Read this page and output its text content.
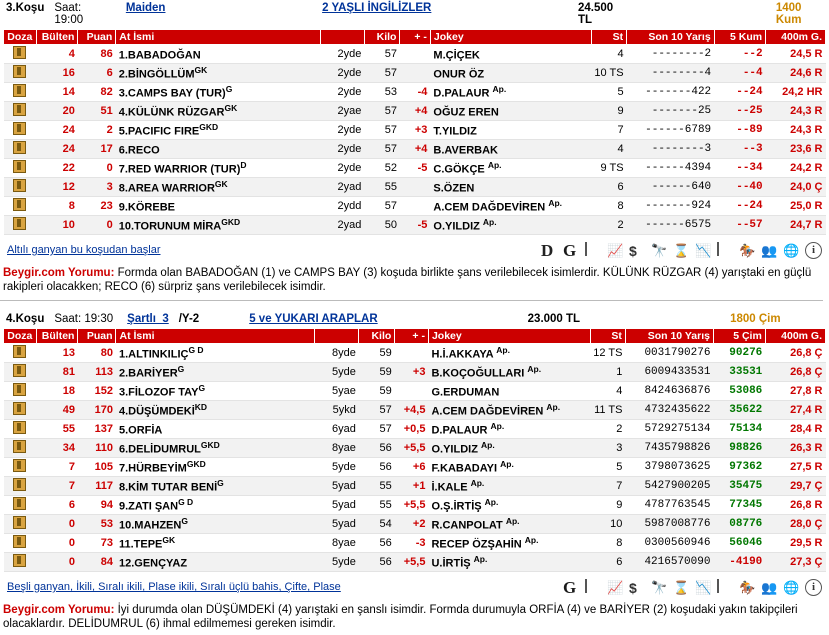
3.Koşu Saat: 19:00
Maiden	2 YAŞLI İNGİLİZLER	24.500 TL
1400 Kum
Doza	Bülten	Puan	At İsmi		Kilo	+ -	Jokey	St	Son 10 Yarış	5 Kum	400m G.
	4	86	1.BABADOĞAN	2yde	57		M.ÇİÇEK	4	--------2	--2	24,5 R
	16	6	$2.BİNGÖLLÜM^{GK}$	2yde	57		ONUR ÖZ	10 TS	--------4	--4	24,6 R
	14	82	3.CAMPS BAY (TUR)$^G$	2yde	53	-4	D.PALAUR $^{Ap.}$	5	-------422	--24	24,2 HR
	20	51	4.KÜLÜNK $RÜZGAR^{GK}$	2yae	57	+4	OĞUZ EREN	9	-------25	--25	24,3 R
	24	2	5.PACIFIC $FIRE^{GKD}$	2yde	57	+3	T.YILDIZ	7	------6789	--89	24,3 R
	24	17	6.RECO	2yde	57	+4	B.AVERBAK	4	--------3	--3	23,6 R
	22	0	7.RED WARRIOR (TUR)$^D$	2yde	52	-5	C.GÖKÇE $^{Ap.}$	9 TS	------4394	--34	24,2 R
	12	3	8.AREA $WARRIOR^{GK}$	2yad	55		S.ÖZEN	6	------640	--40	24,0 Ç
	8	23	9.KÖREBE	2ydd	57		A.CEM DAĞDEVİREN $^{Ap.}$	8	-------924	--24	25,0 R
	10	0	10.TORUNUM $MİRA^{GKD}$	2yad	50	-5	O.YILDIZ $^{Ap.}$	2	------6575	--57	24,7 R
Altılı ganyan bu koşudan başlar	D G 📈 $	🔭 ⌛ 📉 🏇 👥 🌐	i
Beygir.com Yorumu: Formda olan BABADOĞAN (1) ve CAMPS BAY (3) koşuda birlikte şans verilebilecek isimlerdir. KÜLÜNK RÜZGAR (4) yarıştaki en güçlü rakipleri olacakken; RECO (6) sürpriz şans verilebilecek isimdir.
4.Koşu Saat: 19:30 Şartlı_3 /Y-2	5 ve YUKARI ARAPLAR	23.000 TL	1800 Çim
Doza	Bülten	Puan	At İsmi		Kilo	+ -	Jokey	St	Son 10 Yarış	5 Çim	400m G.
	13	80	$1.ALTINKILIÇ^{G D}$	8yde	59		H.İ.AKKAYA $^{Ap.}$	12 TS	0031790276	90276	26,8 Ç
	81	113	$2.BARİYER^G$	5yde	59	+3	B.KOÇOĞULLARI $^{Ap.}$	1	6009433531	33531	26,8 Ç
	18	152	3.FİLOZOF $TAY^G$	5yae	59		G.ERDUMAN	4	8424636876	53086	27,8 R
	49	170	$4.DÜŞÜMDEKİ^{KD}$	5ykd	57	+4,5	A.CEM DAĞDEVİREN $^{Ap.}$	11 TS	4732435622	35622	27,4 R
	55	137	5.ORFİA	6yad	57	+0,5	D.PALAUR $^{Ap.}$	2	5729275134	75134	28,4 R
	34	110	$6.DELİDUMRUL^{GKD}$	8yae	56	+5,5	O.YILDIZ $^{Ap.}$	3	7435798826	98826	26,3 R
	7	105	$7.HÜRBEYİM^{GKD}$	5yde	56	+6	F.KABADAYI $^{Ap.}$	5	3798073625	97362	27,5 R
	7	117	8.KİM TUTAR $BENİ^G$	5yad	55	+1	İ.KALE $^{Ap.}$	7	5427900205	35475	29,7 Ç
	6	94	9.ZATI $ŞAN^{G D}$	5yad	55	+5,5	O.Ş.İRTİŞ $^{Ap.}$	9	4787763545	77345	26,8 R
	0	53	$10.MAHZEN^G$	5yad	54	+2	R.CANPOLAT $^{Ap.}$	10	5987008776	08776	28,0 Ç
	0	73	$11.TEPE^{GK}$	8yae	56	-3	RECEP ÖZŞAHİN $^{Ap.}$	8	0300560946	56046	29,5 R
	0	84	12.GENÇYAZ	5yde	56	+5,5	U.İRTİŞ $^{Ap.}$	6	4216570090	-4190	27,3 Ç
Beşli ganyan, İkili, Sıralı ikili, Plase ikili, Sıralı üçlü bahis, Çifte, Plase	G 📈 $	🔭 ⌛ 📉 🏇 👥 🌐	i
Beygir.com Yorumu: İyi durumda olan DÜŞÜMDEKİ (4) yarıştaki en şanslı isimdir. Formda durumuyla ORFİA (4) ve BARİYER (2) koşudaki yakın takipçileri olacaklardır. DELİDUMRUL (6) ihmal edilmemesi gereken isimdir.
